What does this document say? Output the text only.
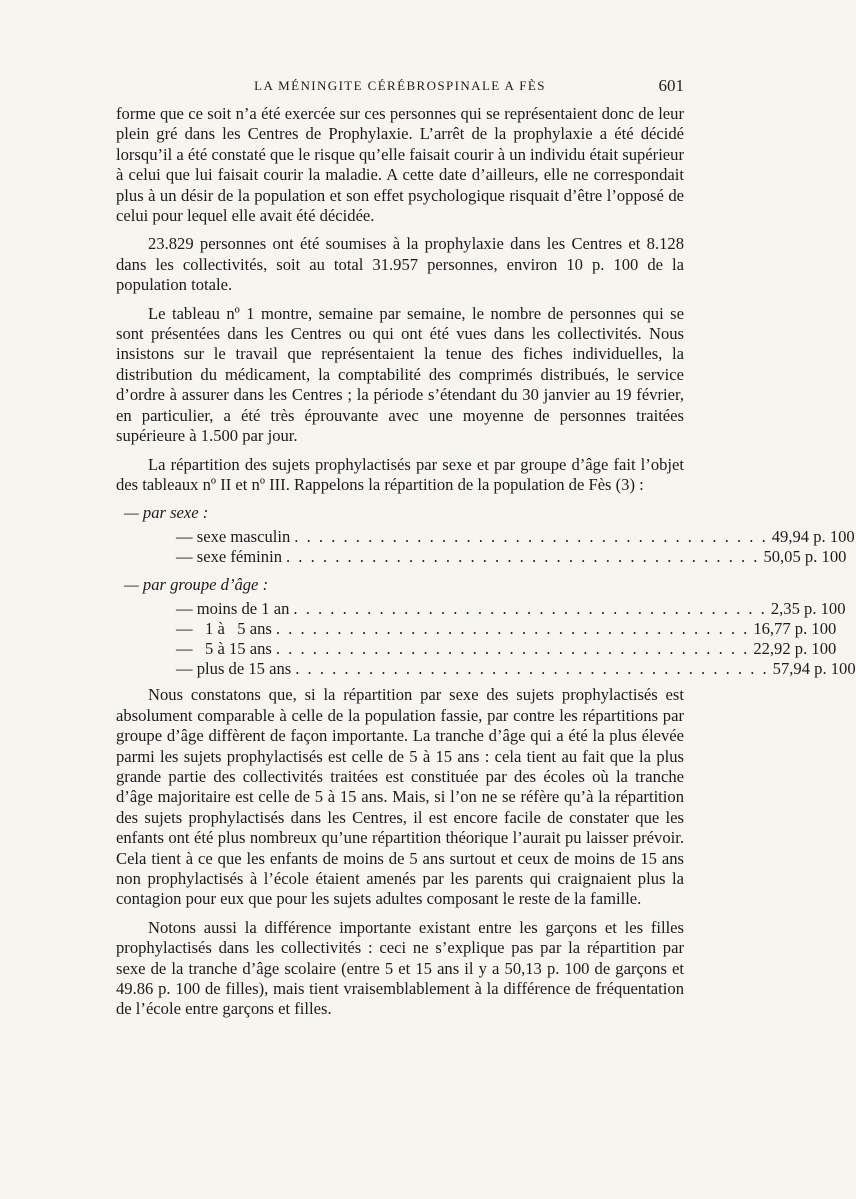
LA MÉNINGITE CÉRÉBROSPINALE A FÈS	601

forme que ce soit n’a été exercée sur ces personnes qui se représentaient donc de leur plein gré dans les Centres de Prophylaxie. L’arrêt de la prophylaxie a été décidé lorsqu’il a été constaté que le risque qu’elle faisait courir à un individu était supérieur à celui que lui faisait courir la maladie. A cette date d’ailleurs, elle ne correspondait plus à un désir de la population et son effet psychologique risquait d’être l’opposé de celui pour lequel elle avait été décidée.

23.829 personnes ont été soumises à la prophylaxie dans les Centres et 8.128 dans les collectivités, soit au total 31.957 personnes, environ 10 p. 100 de la population totale.

Le tableau nº 1 montre, semaine par semaine, le nombre de personnes qui se sont présentées dans les Centres ou qui ont été vues dans les collectivités. Nous insistons sur le travail que représentaient la tenue des fiches individuelles, la distribution du médicament, la comptabilité des comprimés distribués, le service d’ordre à assurer dans les Centres ; la période s’étendant du 30 janvier au 19 février, en particulier, a été très éprouvante avec une moyenne de personnes traitées supérieure à 1.500 par jour.

La répartition des sujets prophylactisés par sexe et par groupe d’âge fait l’objet des tableaux nº II et nº III. Rappelons la répartition de la population de Fès (3) :

— par sexe :
— sexe masculin . . . . . . . . . . . . . . . . . . . . . . . . . . . . . . . . . . . . . . . 49,94 p. 100
— sexe féminin . . . . . . . . . . . . . . . . . . . . . . . . . . . . . . . . . . . . . . . 50,05 p. 100
— par groupe d’âge :
— moins de 1 an . . . . . . . . . . . . . . . . . . . . . . . . . . . . . . . . . . . . . . . 2,35 p. 100
—   1 à   5 ans . . . . . . . . . . . . . . . . . . . . . . . . . . . . . . . . . . . . . . . 16,77 p. 100
—   5 à 15 ans . . . . . . . . . . . . . . . . . . . . . . . . . . . . . . . . . . . . . . . 22,92 p. 100
— plus de 15 ans . . . . . . . . . . . . . . . . . . . . . . . . . . . . . . . . . . . . . . . 57,94 p. 100

Nous constatons que, si la répartition par sexe des sujets prophylactisés est absolument comparable à celle de la population fassie, par contre les répartitions par groupe d’âge diffèrent de façon importante. La tranche d’âge qui a été la plus élevée parmi les sujets prophylactisés est celle de 5 à 15 ans : cela tient au fait que la plus grande partie des collectivités traitées est constituée par des écoles où la tranche d’âge majoritaire est celle de 5 à 15 ans. Mais, si l’on ne se réfère qu’à la répartition des sujets prophylactisés dans les Centres, il est encore facile de constater que les enfants ont été plus nombreux qu’une répartition théorique l’aurait pu laisser prévoir. Cela tient à ce que les enfants de moins de 5 ans surtout et ceux de moins de 15 ans non prophylactisés à l’école étaient amenés par les parents qui craignaient plus la contagion pour eux que pour les sujets adultes composant le reste de la famille.

Notons aussi la différence importante existant entre les garçons et les filles prophylactisés dans les collectivités : ceci ne s’explique pas par la répartition par sexe de la tranche d’âge scolaire (entre 5 et 15 ans il y a 50,13 p. 100 de garçons et 49.86 p. 100 de filles), mais tient vraisemblablement à la différence de fréquentation de l’école entre garçons et filles.
